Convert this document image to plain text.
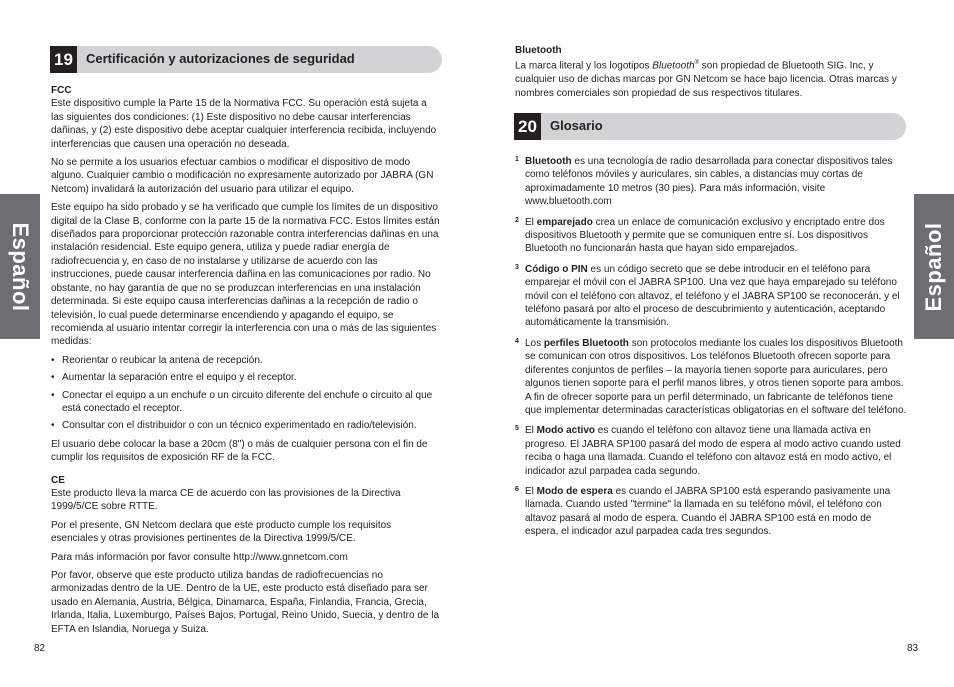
Español
19	Certificación y autorizaciones de seguridad
FCC

Este dispositivo cumple la Parte 15 de la Normativa FCC. Su operación está sujeta a las siguientes dos condiciones: (1) Este dispositivo no debe causar interferencias dañinas, y (2) este dispositivo debe aceptar cualquier interferencia recibida, incluyendo interferencias que causen una operación no deseada.

No se permite a los usuarios efectuar cambios o modificar el dispositivo de modo alguno. Cualquier cambio o modificación no expresamente autorizado por JABRA (GN Netcom) invalidará la autorización del usuario para utilizar el equipo.

Este equipo ha sido probado y se ha verificado que cumple los límites de un dispositivo digital de la Clase B, conforme con la parte 15 de la normativa FCC. Estos límites están diseñados para proporcionar protección razonable contra interferencias dañinas en una instalación residencial. Este equipo genera, utiliza y puede radiar energía de radiofrecuencia y, en caso de no instalarse y utilizarse de acuerdo con las instrucciones, puede causar interferencia dañina en las comunicaciones por radio. No obstante, no hay garantía de que no se produzcan interferencias en una instalación determinada. Si este equipo causa interferencias dañinas a la recepción de radio o televisión, lo cual puede determinarse encendiendo y apagando el equipo, se recomienda al usuario intentar corregir la interferencia con una o más de las siguientes medidas:

• Reorientar o reubicar la antena de recepción.
• Aumentar la separación entre el equipo y el receptor.
• Conectar el equipo a un enchufe o un circuito diferente del enchufe o circuito al que está conectado el receptor.
• Consultar con el distribuidor o con un técnico experimentado en radio/televisión.

El usuario debe colocar la base a 20cm (8") o más de cualquier persona con el fin de cumplir los requisitos de exposición RF de la FCC.

CE

Este producto lleva la marca CE de acuerdo con las provisiones de la Directiva 1999/5/CE sobre RTTE.

Por el presente, GN Netcom declara que este producto cumple los requisitos esenciales y otras provisiones pertinentes de la Directiva 1999/5/CE.

Para más información por favor consulte http://www.gnnetcom.com

Por favor, observe que este producto utiliza bandas de radiofrecuencias no armonizadas dentro de la UE. Dentro de la UE, este producto está diseñado para ser usado en Alemania, Austria, Bélgica, Dinamarca, España, Finlandia, Francia, Grecia, Irlanda, Italia, Luxemburgo, Países Bajos, Portugal, Reino Unido, Suecia, y dentro de la EFTA en Islandia, Noruega y Suiza.

82
Bluetooth

La marca literal y los logotipos Bluetooth® son propiedad de Bluetooth SIG. Inc, y cualquier uso de dichas marcas por GN Netcom se hace bajo licencia. Otras marcas y nombres comerciales son propiedad de sus respectivos titulares.

20	Glosario
1 Bluetooth es una tecnología de radio desarrollada para conectar dispositivos tales como teléfonos móviles y auriculares, sin cables, a distancias muy cortas de aproximadamente 10 metros (30 pies). Para más información, visite www.bluetooth.com
2 El emparejado crea un enlace de comunicación exclusivo y encriptado entre dos dispositivos Bluetooth y permite que se comuniquen entre sí. Los dispositivos Bluetooth no funcionarán hasta que hayan sido emparejados.
3 Código o PIN es un código secreto que se debe introducir en el teléfono para emparejar el móvil con el JABRA SP100. Una vez que haya emparejado su teléfono móvil con el teléfono con altavoz, el teléfono y el JABRA SP100 se reconocerán, y el teléfono pasará por alto el proceso de descubrimiento y autenticación, aceptando automáticamente la transmisión.
4 Los perfiles Bluetooth son protocolos mediante los cuales los dispositivos Bluetooth se comunican con otros dispositivos. Los teléfonos Bluetooth ofrecen soporte para diferentes conjuntos de perfiles – la mayoría tienen soporte para auriculares, pero algunos tienen soporte para el perfil manos libres, y otros tienen soporte para ambos. A fin de ofrecer soporte para un perfil determinado, un fabricante de teléfonos tiene que implementar determinadas características obligatorias en el software del teléfono.
5 El Modo activo es cuando el teléfono con altavoz tiene una llamada activa en progreso. El JABRA SP100 pasará del modo de espera al modo activo cuando usted reciba o haga una llamada. Cuando el teléfono con altavoz está en modo activo, el indicador azul parpadea cada segundo.
6 El Modo de espera es cuando el JABRA SP100 está esperando pasivamente una llamada. Cuando usted "termine" la llamada en su teléfono móvil, el teléfono con altavoz pasará al modo de espera. Cuando el JABRA SP100 está en modo de espera, el indicador azul parpadea cada tres segundos.
Español
83
